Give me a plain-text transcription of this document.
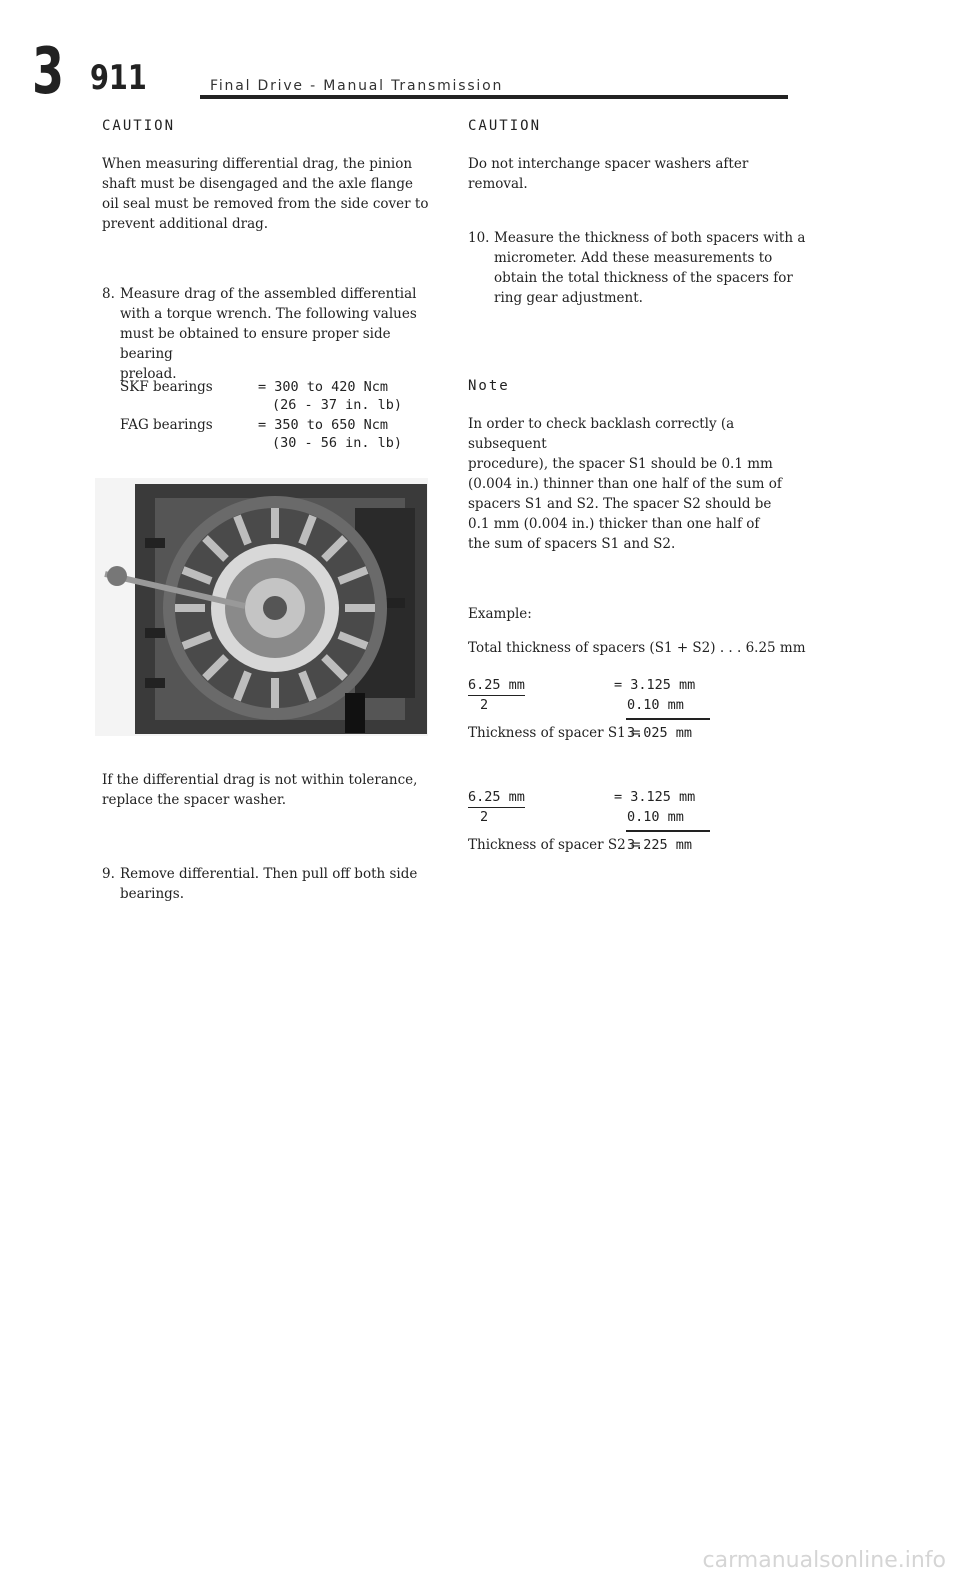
3 911	Final Drive - Manual Transmission
CAUTION

When measuring differential drag, the pinion

shaft must be disengaged and the axle flange

oil seal must be removed from the side cover to

prevent additional drag.

8. Measure drag of the assembled differential
with a torque wrench. The following values
must be obtained to ensure proper side bearing
preload.
SKF bearings	= 300 to 420 Ncm
(26 - 37 in. lb)
FAG bearings	= 350 to 650 Ncm
(30 - 56 in. lb)

If the differential drag is not within tolerance,

replace the spacer washer.

9. Remove differential. Then pull off both side
bearings.
CAUTION
Do not interchange spacer washers after removal.
10. Measure the thickness of both spacers with a
micrometer. Add these measurements to
obtain the total thickness of the spacers for
ring gear adjustment.
Note

In order to check backlash correctly (a subsequent

procedure), the spacer S1 should be 0.1 mm

(0.004 in.) thinner than one half of the sum of

spacers S1 and S2. The spacer S2 should be

0.1 mm (0.004 in.) thicker than one half of

the sum of spacers S1 and S2.

Example:
Total thickness of spacers (S1 + S2) . . . 6.25 mm
6.25 mm	= 3.125 mm
2	0.10 mm
Thickness of spacer S1 =
3.025 mm
6.25 mm	= 3.125 mm
2	0.10 mm
Thickness of spacer S2 =
3.225 mm
carmanualsonline.info
